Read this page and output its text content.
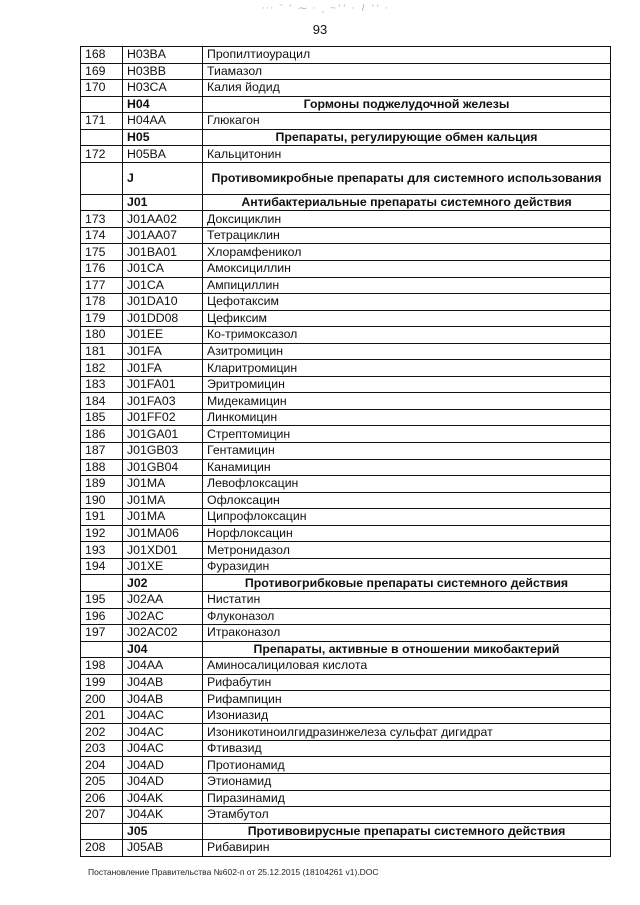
··· ˜ ‛ ⁓ · ¸ ~‛‛ · ⌇ ‛‛ ·
93
168	H03BA	Пропилтиоурацил
169	H03BB	Тиамазол
170	H03CA	Калия йодид
	H04	Гормоны поджелудочной железы
171	H04AA	Глюкагон
	H05	Препараты, регулирующие обмен кальция
172	H05BA	Кальцитонин
	J	Противомикробные препараты для системного использования
	J01	Антибактериальные препараты системного действия
173	J01AA02	Доксициклин
174	J01AA07	Тетрациклин
175	J01BA01	Хлорамфеникол
176	J01CA	Амоксициллин
177	J01CA	Ампициллин
178	J01DA10	Цефотаксим
179	J01DD08	Цефиксим
180	J01EE	Ко-тримоксазол
181	J01FA	Азитромицин
182	J01FA	Кларитромицин
183	J01FA01	Эритромицин
184	J01FA03	Мидекамицин
185	J01FF02	Линкомицин
186	J01GA01	Стрептомицин
187	J01GB03	Гентамицин
188	J01GB04	Канамицин
189	J01MA	Левофлоксацин
190	J01MA	Офлоксацин
191	J01MA	Ципрофлоксацин
192	J01MA06	Норфлоксацин
193	J01XD01	Метронидазол
194	J01XE	Фуразидин
	J02	Противогрибковые препараты системного действия
195	J02AA	Нистатин
196	J02AC	Флуконазол
197	J02AC02	Итраконазол
	J04	Препараты, активные в отношении микобактерий
198	J04AA	Аминосалициловая кислота
199	J04AB	Рифабутин
200	J04AB	Рифампицин
201	J04AC	Изониазид
202	J04AC	Изоникотиноилгидразинжелеза сульфат дигидрат
203	J04AC	Фтивазид
204	J04AD	Протионамид
205	J04AD	Этионамид
206	J04AK	Пиразинамид
207	J04AK	Этамбутол
	J05	Противовирусные препараты системного действия
208	J05AB	Рибавирин
Постановление Правительства №602-п от 25.12.2015 (18104261 v1).DOC
